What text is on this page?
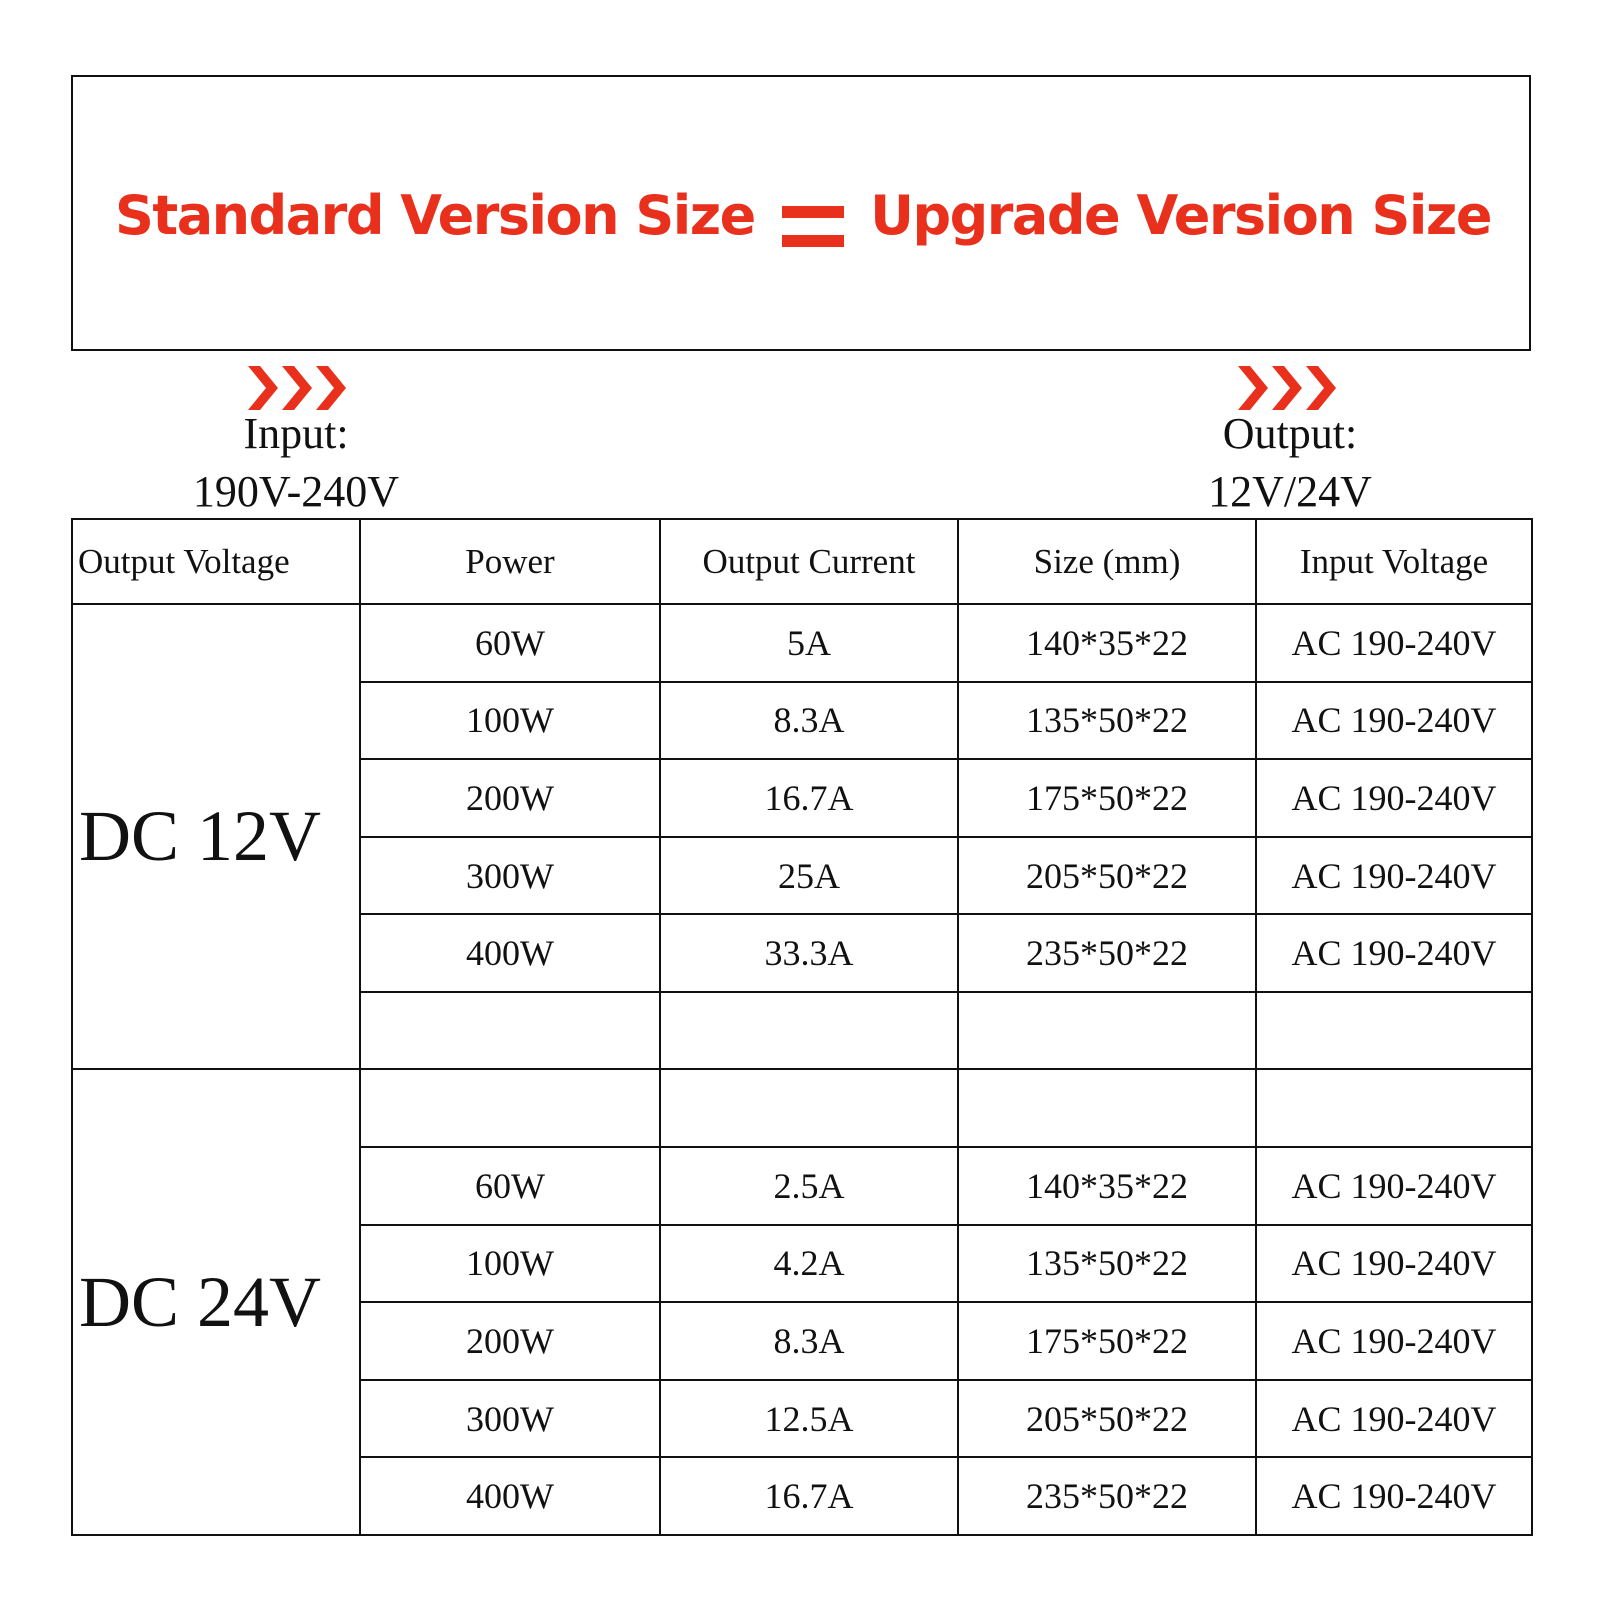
Standard Version Size Upgrade Version Size

Input:

190V-240V

Output:

12V/24V

Output Voltage	Power	Output Current	Size (mm)	Input Voltage
DC 12V	60W	5A	140*35*22	AC 190-240V
	100W	8.3A	135*50*22	AC 190-240V
	200W	16.7A	175*50*22	AC 190-240V
	300W	25A	205*50*22	AC 190-240V
	400W	33.3A	235*50*22	AC 190-240V

DC 24V				
	60W	2.5A	140*35*22	AC 190-240V
	100W	4.2A	135*50*22	AC 190-240V
	200W	8.3A	175*50*22	AC 190-240V
	300W	12.5A	205*50*22	AC 190-240V
	400W	16.7A	235*50*22	AC 190-240V
